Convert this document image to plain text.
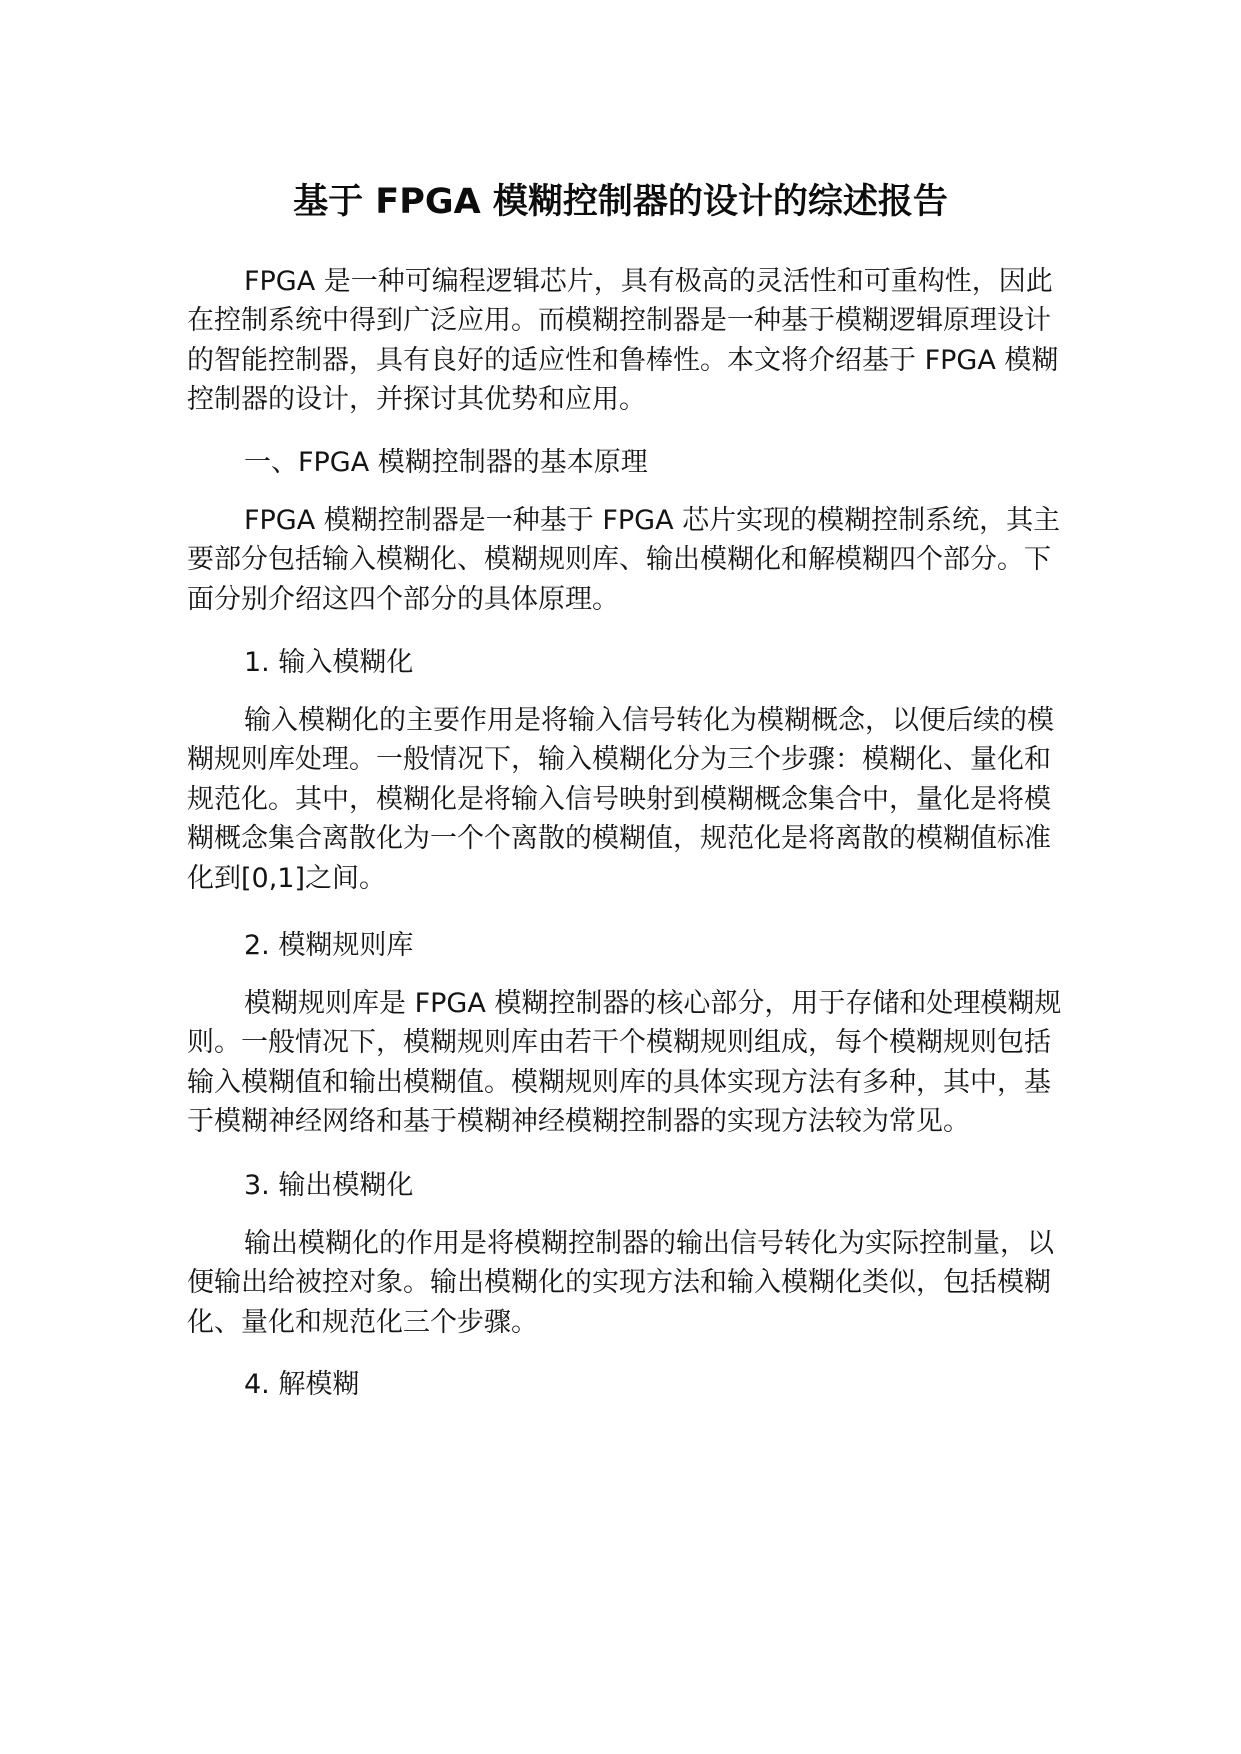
基于 FPGA 模糊控制器的设计的综述报告

FPGA 是一种可编程逻辑芯片，具有极高的灵活性和可重构性，因此在控制系统中得到广泛应用。而模糊控制器是一种基于模糊逻辑原理设计的智能控制器，具有良好的适应性和鲁棒性。本文将介绍基于 FPGA 模糊控制器的设计，并探讨其优势和应用。

一、FPGA 模糊控制器的基本原理

FPGA 模糊控制器是一种基于 FPGA 芯片实现的模糊控制系统，其主要部分包括输入模糊化、模糊规则库、输出模糊化和解模糊四个部分。下面分别介绍这四个部分的具体原理。

1. 输入模糊化

输入模糊化的主要作用是将输入信号转化为模糊概念，以便后续的模糊规则库处理。一般情况下，输入模糊化分为三个步骤：模糊化、量化和规范化。其中，模糊化是将输入信号映射到模糊概念集合中，量化是将模糊概念集合离散化为一个个离散的模糊值，规范化是将离散的模糊值标准化到[0,1]之间。

2. 模糊规则库

模糊规则库是 FPGA 模糊控制器的核心部分，用于存储和处理模糊规则。一般情况下，模糊规则库由若干个模糊规则组成，每个模糊规则包括输入模糊值和输出模糊值。模糊规则库的具体实现方法有多种，其中，基于模糊神经网络和基于模糊神经模糊控制器的实现方法较为常见。

3. 输出模糊化

输出模糊化的作用是将模糊控制器的输出信号转化为实际控制量，以便输出给被控对象。输出模糊化的实现方法和输入模糊化类似，包括模糊化、量化和规范化三个步骤。

4. 解模糊
